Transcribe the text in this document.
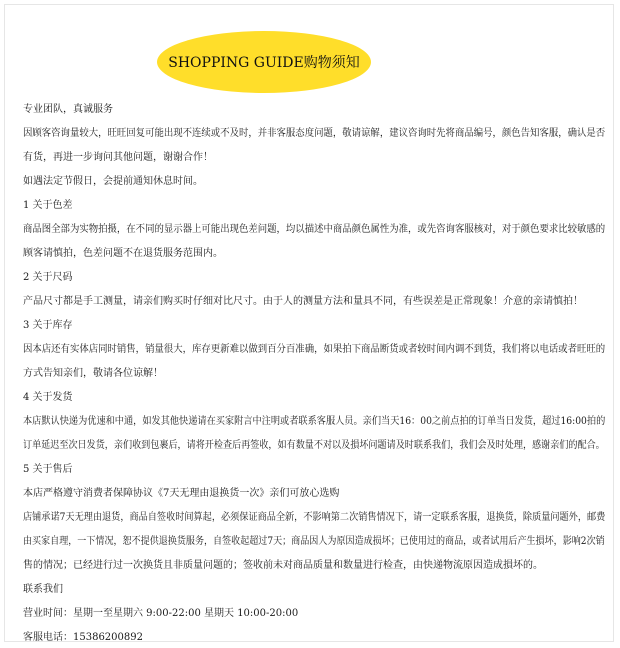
SHOPPING GUIDE购物须知
专业团队，真诚服务
因顾客咨询量较大，旺旺回复可能出现不连续或不及时，并非客服态度问题，敬请谅解，建议咨询时先将商品编号，颜色告知客服，确认是否
有货，再进一步询问其他问题，谢谢合作！
如遇法定节假日，会提前通知休息时间。
1 关于色差
商品图全部为实物拍摄，在不同的显示器上可能出现色差问题，均以描述中商品颜色属性为准，或先咨询客服核对，对于颜色要求比较敏感的
顾客请慎拍，色差问题不在退货服务范围内。
2 关于尺码
产品尺寸都是手工测量，请亲们购买时仔细对比尺寸。由于人的测量方法和量具不同，有些误差是正常现象！介意的亲请慎拍！
3 关于库存
因本店还有实体店同时销售，销量很大，库存更新难以做到百分百准确，如果拍下商品断货或者较时间内调不到货，我们将以电话或者旺旺的
方式告知亲们，敬请各位谅解！
4 关于发货
本店默认快递为优速和中通，如发其他快递请在买家附言中注明或者联系客服人员。亲们当天16：00之前点拍的订单当日发货，超过16:00拍的
订单延迟至次日发货，亲们收到包裹后，请将开检查后再签收，如有数量不对以及損坏问题请及时联系我们，我们会及时处理，感谢亲们的配合。
5 关于售后
本店严格遵守消费者保障协议《7天无理由退换货一次》亲们可放心选购
店铺承诺7天无理由退货，商品自签收时间算起，必须保证商品全新，不影响第二次销售情况下，请一定联系客服，退换货，除质量问题外，邮费
由买家自理，一下情况，恕不提供退换货服务，自签收起超过7天；商品因人为原因造成损坏；已使用过的商品，或者试用后产生損坏，影响2次销
售的情况；已经进行过一次换货且非质量问题的；签收前未对商品质量和数量进行检查，由快递物流原因造成損坏的。
联系我们
营业时间：星期一至星期六 9:00-22:00 星期天 10:00-20:00
客服电话：15386200892
